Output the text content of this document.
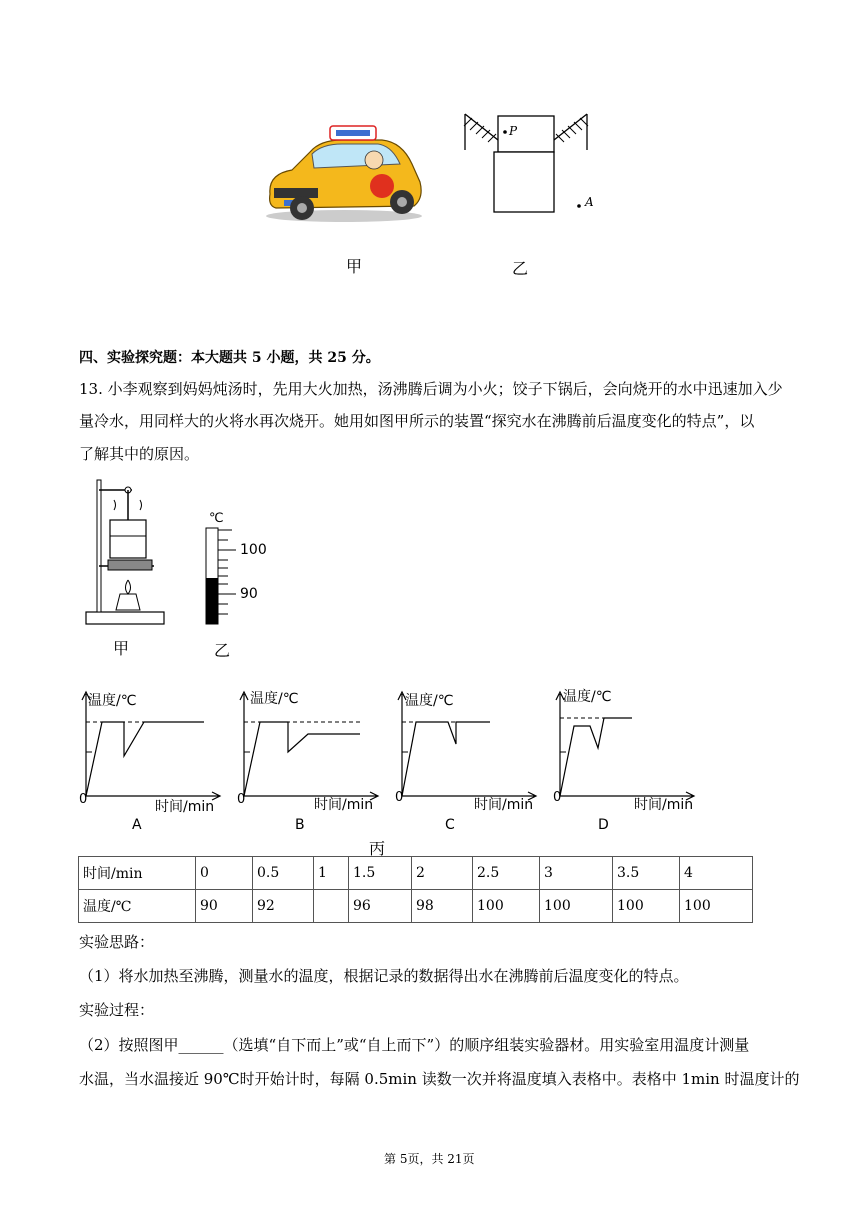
P
A
甲	乙
四、实验探究题：本大题共 5 小题，共 25 分。
13. 小李观察到妈妈炖汤时，先用大火加热，汤沸腾后调为小火；饺子下锅后，会向烧开的水中迅速加入少
量冷水，用同样大的火将水再次烧开。她用如图甲所示的装置“探究水在沸腾前后温度变化的特点”，以
了解其中的原因。
甲
℃
100
90
乙
温度/℃	温度/℃	温度/℃	温度/℃
0	0	0	0
时间/min	时间/min	时间/min	时间/min
A	B	C	D
丙
时间/min	0	0.5	1	1.5	2	2.5	3	3.5	4
温度/℃	90	92		96	98	100	100	100	100
实验思路：
（1）将水加热至沸腾，测量水的温度，根据记录的数据得出水在沸腾前后温度变化的特点。
实验过程：
（2）按照图甲______（选填“自下而上”或“自上而下”）的顺序组装实验器材。用实验室用温度计测量
水温，当水温接近 90℃时开始计时，每隔 0.5min 读数一次并将温度填入表格中。表格中 1min 时温度计的
第 5页，共 21页
